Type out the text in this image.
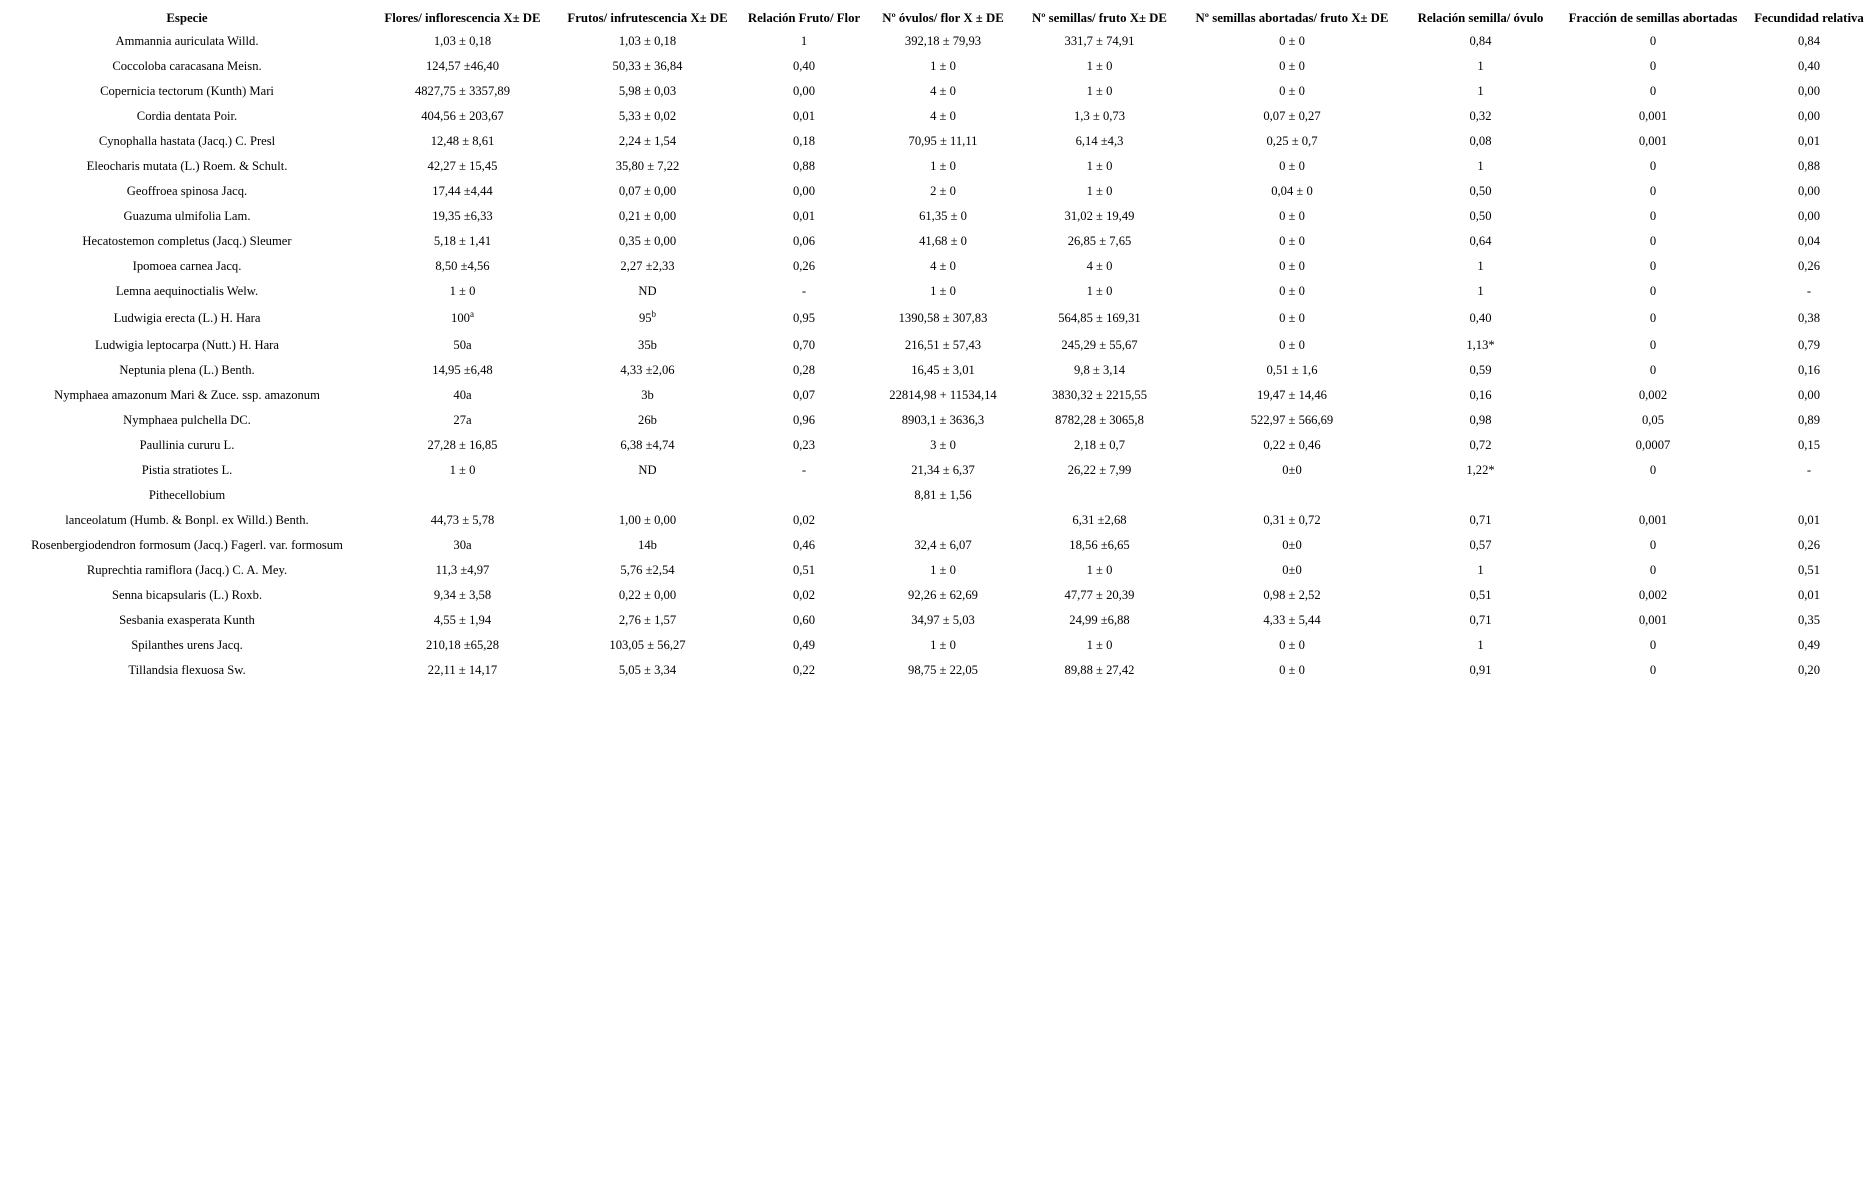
Especie	Flores/ inflorescencia X± DE	Frutos/ infrutescencia X± DE	Relación Fruto/ Flor	Nº óvulos/ flor X ± DE	Nº semillas/ fruto X± DE	Nº semillas abortadas/ fruto X± DE	Relación semilla/ óvulo	Fracción de semillas abortadas	Fecundidad relativa
Ammannia auriculata Willd.	1,03 ± 0,18	1,03 ± 0,18	1	392,18 ± 79,93	331,7 ± 74,91	0 ± 0	0,84	0	0,84
Coccoloba caracasana Meisn.	124,57 ±46,40	50,33 ± 36,84	0,40	1 ± 0	1 ± 0	0 ± 0	1	0	0,40
Copernicia tectorum (Kunth) Mari	4827,75 ± 3357,89	5,98 ± 0,03	0,00	4 ± 0	1 ± 0	0 ± 0	1	0	0,00
Cordia dentata Poir.	404,56 ± 203,67	5,33 ± 0,02	0,01	4 ± 0	1,3 ± 0,73	0,07 ± 0,27	0,32	0,001	0,00
Cynophalla hastata (Jacq.) C. Presl	12,48 ± 8,61	2,24 ± 1,54	0,18	70,95 ± 11,11	6,14 ±4,3	0,25 ± 0,7	0,08	0,001	0,01
Eleocharis mutata (L.) Roem. & Schult.	42,27 ± 15,45	35,80 ± 7,22	0,88	1 ± 0	1 ± 0	0 ± 0	1	0	0,88
Geoffroea spinosa Jacq.	17,44 ±4,44	0,07 ± 0,00	0,00	2 ± 0	1 ± 0	0,04 ± 0	0,50	0	0,00
Guazuma ulmifolia Lam.	19,35 ±6,33	0,21 ± 0,00	0,01	61,35 ± 0	31,02 ± 19,49	0 ± 0	0,50	0	0,00
Hecatostemon completus (Jacq.) Sleumer	5,18 ± 1,41	0,35 ± 0,00	0,06	41,68 ± 0	26,85 ± 7,65	0 ± 0	0,64	0	0,04
Ipomoea carnea Jacq.	8,50 ±4,56	2,27 ±2,33	0,26	4 ± 0	4 ± 0	0 ± 0	1	0	0,26
Lemna aequinoctialis Welw.	1 ± 0	ND	-	1 ± 0	1 ± 0	0 ± 0	1	0	-
Ludwigia erecta (L.) H. Hara	100$^a$	95$^b$	0,95	1390,58 ± 307,83	564,85 ± 169,31	0 ± 0	0,40	0	0,38
Ludwigia leptocarpa (Nutt.) H. Hara	50a	35b	0,70	216,51 ± 57,43	245,29 ± 55,67	0 ± 0	1,13*	0	0,79
Neptunia plena (L.) Benth.	14,95 ±6,48	4,33 ±2,06	0,28	16,45 ± 3,01	9,8 ± 3,14	0,51 ± 1,6	0,59	0	0,16
Nymphaea amazonum Mari & Zuce. ssp. amazonum	40a	3b	0,07	22814,98 + 11534,14	3830,32 ± 2215,55	19,47 ± 14,46	0,16	0,002	0,00
Nymphaea pulchella DC.	27a	26b	0,96	8903,1 ± 3636,3	8782,28 ± 3065,8	522,97 ± 566,69	0,98	0,05	0,89
Paullinia cururu L.	27,28 ± 16,85	6,38 ±4,74	0,23	3 ± 0	2,18 ± 0,7	0,22 ± 0,46	0,72	0,0007	0,15
Pistia stratiotes L.	1 ± 0	ND	-	21,34 ± 6,37	26,22 ± 7,99	0±0	1,22*	0	-
Pithecellobium				8,81 ± 1,56					
lanceolatum (Humb. & Bonpl. ex Willd.) Benth.	44,73 ± 5,78	1,00 ± 0,00	0,02		6,31 ±2,68	0,31 ± 0,72	0,71	0,001	0,01
Rosenbergiodendron formosum (Jacq.) Fagerl. var. formosum	30a	14b	0,46	32,4 ± 6,07	18,56 ±6,65	0±0	0,57	0	0,26
Ruprechtia ramiflora (Jacq.) C. A. Mey.	11,3 ±4,97	5,76 ±2,54	0,51	1 ± 0	1 ± 0	0±0	1	0	0,51
Senna bicapsularis (L.) Roxb.	9,34 ± 3,58	0,22 ± 0,00	0,02	92,26 ± 62,69	47,77 ± 20,39	0,98 ± 2,52	0,51	0,002	0,01
Sesbania exasperata Kunth	4,55 ± 1,94	2,76 ± 1,57	0,60	34,97 ± 5,03	24,99 ±6,88	4,33 ± 5,44	0,71	0,001	0,35
Spilanthes urens Jacq.	210,18 ±65,28	103,05 ± 56,27	0,49	1 ± 0	1 ± 0	0 ± 0	1	0	0,49
Tillandsia flexuosa Sw.	22,11 ± 14,17	5,05 ± 3,34	0,22	98,75 ± 22,05	89,88 ± 27,42	0 ± 0	0,91	0	0,20
